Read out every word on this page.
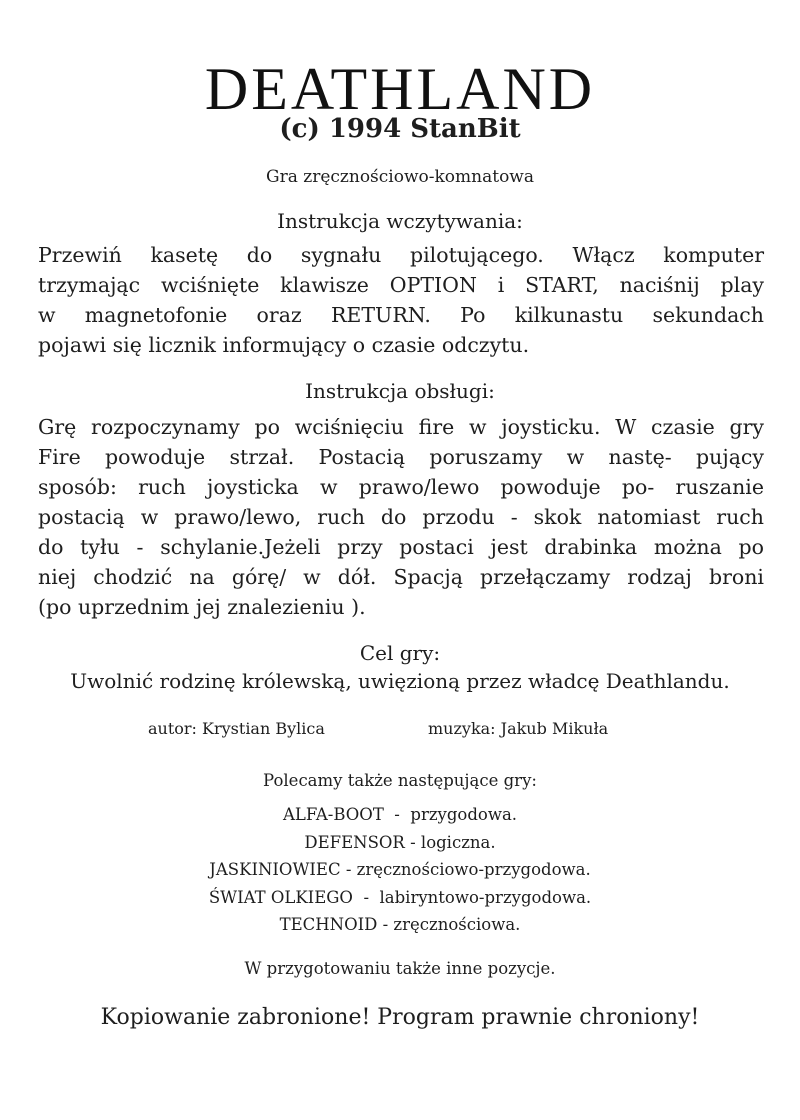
DEATHLAND
(c) 1994 StanBit
Gra zręcznościowo-komnatowa
Instrukcja wczytywania:
Przewiń kasetę do sygnału pilotującego. Włącz komputer
trzymając wciśnięte klawisze OPTION i START, naciśnij play
w magnetofonie oraz RETURN. Po kilkunastu sekundach
pojawi się licznik informujący o czasie odczytu.
Instrukcja obsługi:
Grę rozpoczynamy po wciśnięciu fire w joysticku. W czasie gry
Fire powoduje strzał. Postacią poruszamy w nastę- pujący
sposób: ruch joysticka w prawo/lewo powoduje po- ruszanie
postacią w prawo/lewo, ruch do przodu - skok natomiast ruch
do tyłu - schylanie.Jeżeli przy postaci jest drabinka można po
niej chodzić na górę/ w dół. Spacją przełączamy rodzaj broni
(po uprzednim jej znalezieniu ).
Cel gry:
Uwolnić rodzinę królewską, uwięzioną przez władcę Deathlandu.
autor: Krystian Bylica	muzyka: Jakub Mikuła
Polecamy także następujące gry:
ALFA-BOOT  -  przygodowa.
DEFENSOR - logiczna.
JASKINIOWIEC - zręcznościowo-przygodowa.
ŚWIAT OLKIEGO  -  labiryntowo-przygodowa.
TECHNOID - zręcznościowa.
W przygotowaniu także inne pozycje.
Kopiowanie zabronione! Program prawnie chroniony!
